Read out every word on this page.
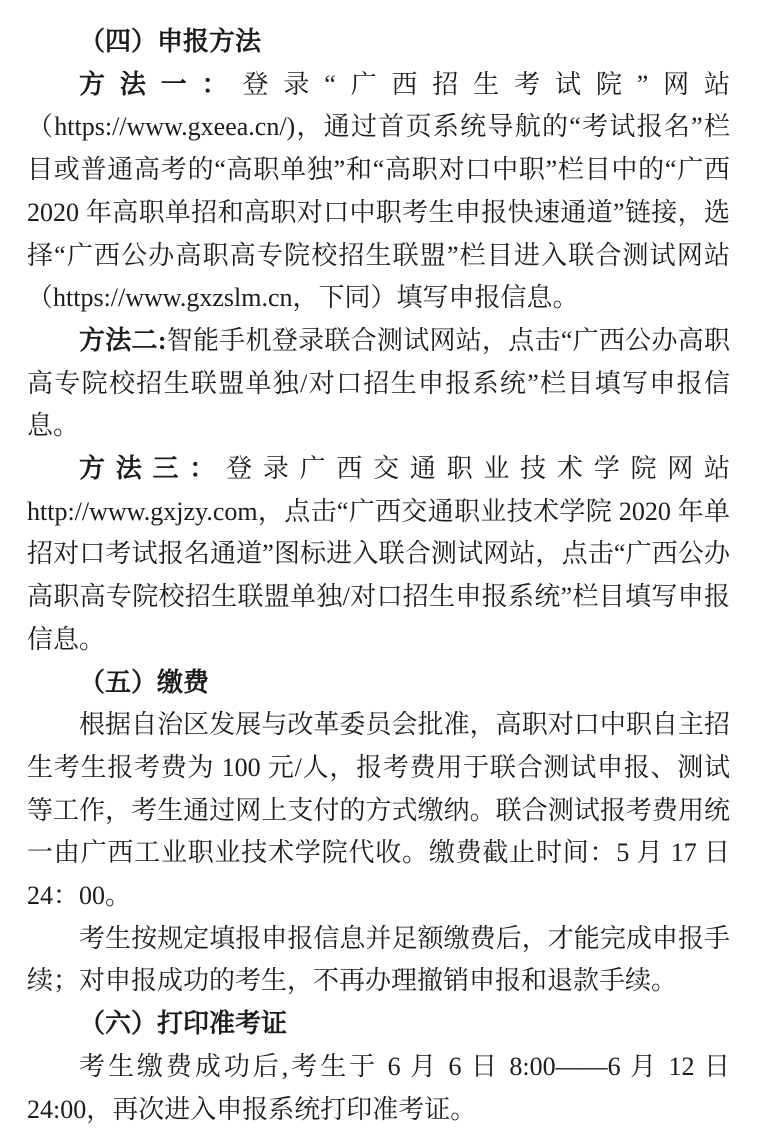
（四）申报方法

方法一：登录“广西招生考试院”网站（https://www.gxeea.cn/)，通过首页系统导航的“考试报名”栏目或普通高考的“高职单独”和“高职对口中职”栏目中的“广西 2020 年高职单招和高职对口中职考生申报快速通道”链接，选择“广西公办高职高专院校招生联盟”栏目进入联合测试网站（https://www.gxzslm.cn，下同）填写申报信息。

方法二:智能手机登录联合测试网站，点击“广西公办高职高专院校招生联盟单独/对口招生申报系统”栏目填写申报信息。

方法三：登录广西交通职业技术学院网站 http://www.gxjzy.com，点击“广西交通职业技术学院 2020 年单招对口考试报名通道”图标进入联合测试网站，点击“广西公办高职高专院校招生联盟单独/对口招生申报系统”栏目填写申报信息。

（五）缴费

根据自治区发展与改革委员会批准，高职对口中职自主招生考生报考费为 100 元/人，报考费用于联合测试申报、测试等工作，考生通过网上支付的方式缴纳。联合测试报考费用统一由广西工业职业技术学院代收。缴费截止时间：5 月 17 日 24：00。

考生按规定填报申报信息并足额缴费后，才能完成申报手续；对申报成功的考生，不再办理撤销申报和退款手续。

（六）打印准考证

考生缴费成功后,考生于 6 月 6 日 8:00——6 月 12 日 24:00，再次进入申报系统打印准考证。
